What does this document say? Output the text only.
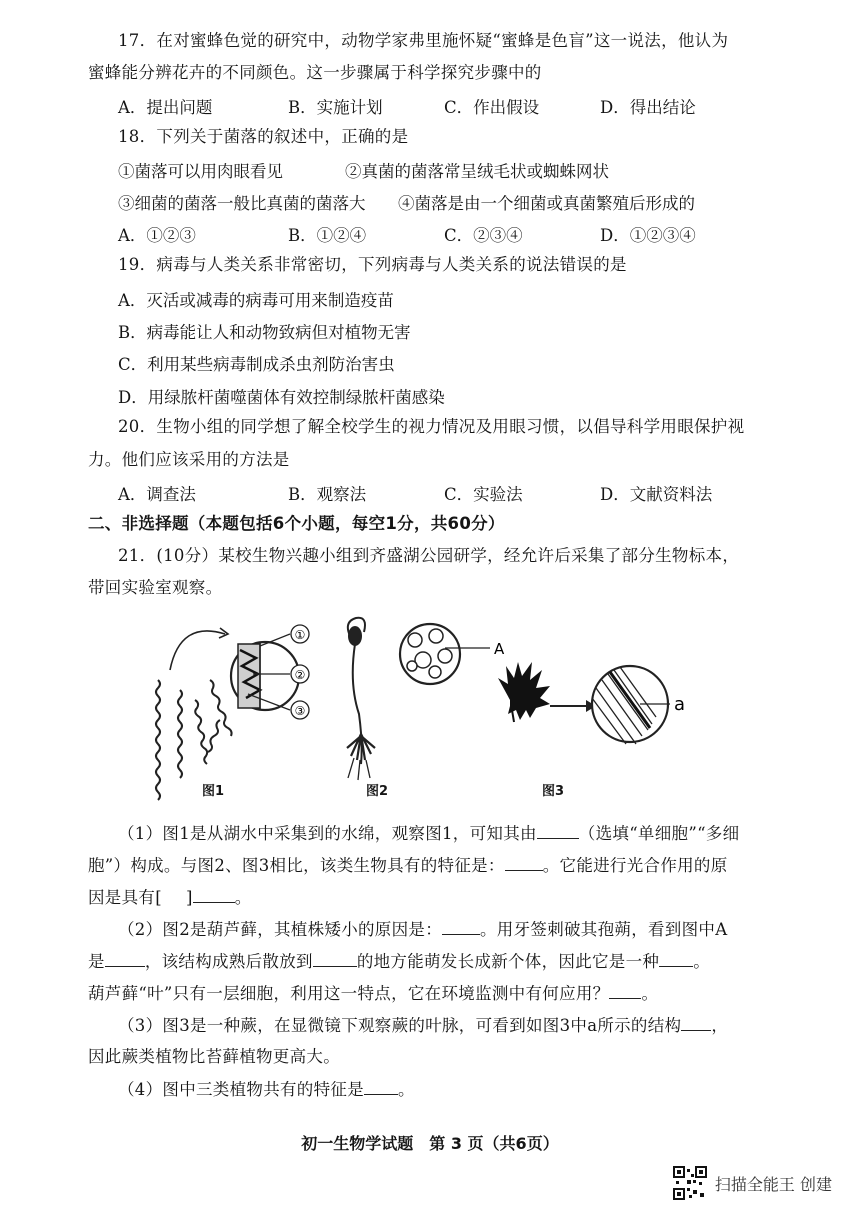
17．在对蜜蜂色觉的研究中，动物学家弗里施怀疑“蜜蜂是色盲”这一说法，他认为
蜜蜂能分辨花卉的不同颜色。这一步骤属于科学探究步骤中的
A．提出问题	B．实施计划	C．作出假设	D．得出结论
18．下列关于菌落的叙述中，正确的是
①菌落可以用肉眼看见	②真菌的菌落常呈绒毛状或蜘蛛网状
③细菌的菌落一般比真菌的菌落大 ④菌落是由一个细菌或真菌繁殖后形成的
A．①②③	B．①②④	C．②③④	D．①②③④
19．病毒与人类关系非常密切，下列病毒与人类关系的说法错误的是
A．灭活或减毒的病毒可用来制造疫苗
B．病毒能让人和动物致病但对植物无害
C．利用某些病毒制成杀虫剂防治害虫
D．用绿脓杆菌噬菌体有效控制绿脓杆菌感染
20．生物小组的同学想了解全校学生的视力情况及用眼习惯，以倡导科学用眼保护视
力。他们应该采用的方法是
A．调查法	B．观察法	C．实验法	D．文献资料法
二、非选择题（本题包括6个小题，每空1分，共60分）
21．(10分）某校生物兴趣小组到齐盛湖公园研学，经允许后采集了部分生物标本，
带回实验室观察。
①
②
③
A
a
图1	图2	图3
（1）图1是从湖水中采集到的水绵，观察图1，可知其由	（选填“单细胞”“多细
胞”）构成。与图2、图3相比，该类生物具有的特征是： 。它能进行光合作用的原
因是具有[ ]	。
（2）图2是葫芦藓，其植株矮小的原因是： 。用牙签刺破其孢蒴，看到图中A
是 ，该结构成熟后散放到	的地方能萌发长成新个体，因此它是一种 。
葫芦藓“叶”只有一层细胞，利用这一特点，它在环境监测中有何应用？ 。
（3）图3是一种蕨，在显微镜下观察蕨的叶脉，可看到如图3中a所示的结构 ，
因此蕨类植物比苔藓植物更高大。
（4）图中三类植物共有的特征是 。
初一生物学试题　第 3 页（共6页）
扫描全能王 创建
